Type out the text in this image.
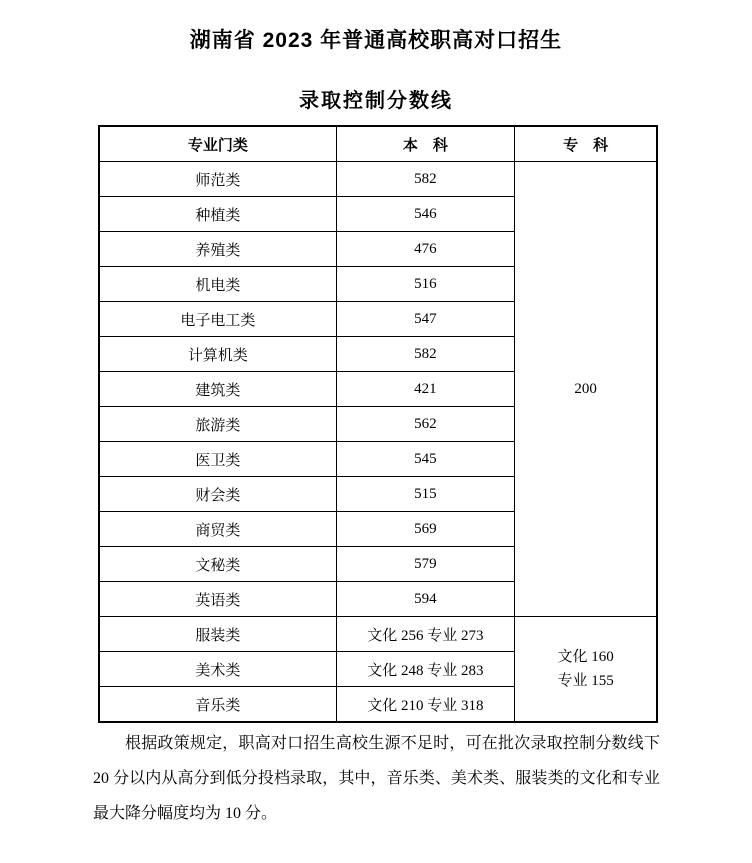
湖南省 2023 年普通高校职高对口招生
录取控制分数线
专业门类	本　科	专　科
师范类	582	200
种植类	546	
养殖类	476	
机电类	516	
电子电工类	547	
计算机类	582	
建筑类	421	
旅游类	562	
医卫类	545	
财会类	515	
商贸类	569	
文秘类	579	
英语类	594	
服装类	文化 256 专业 273	文化 160
专业 155

美术类	文化 248 专业 283	
音乐类	文化 210 专业 318	
根据政策规定，职高对口招生高校生源不足时，可在批次录取控制分数线下 20 分以内从高分到低分投档录取，其中，音乐类、美术类、服装类的文化和专业最大降分幅度均为 10 分。
